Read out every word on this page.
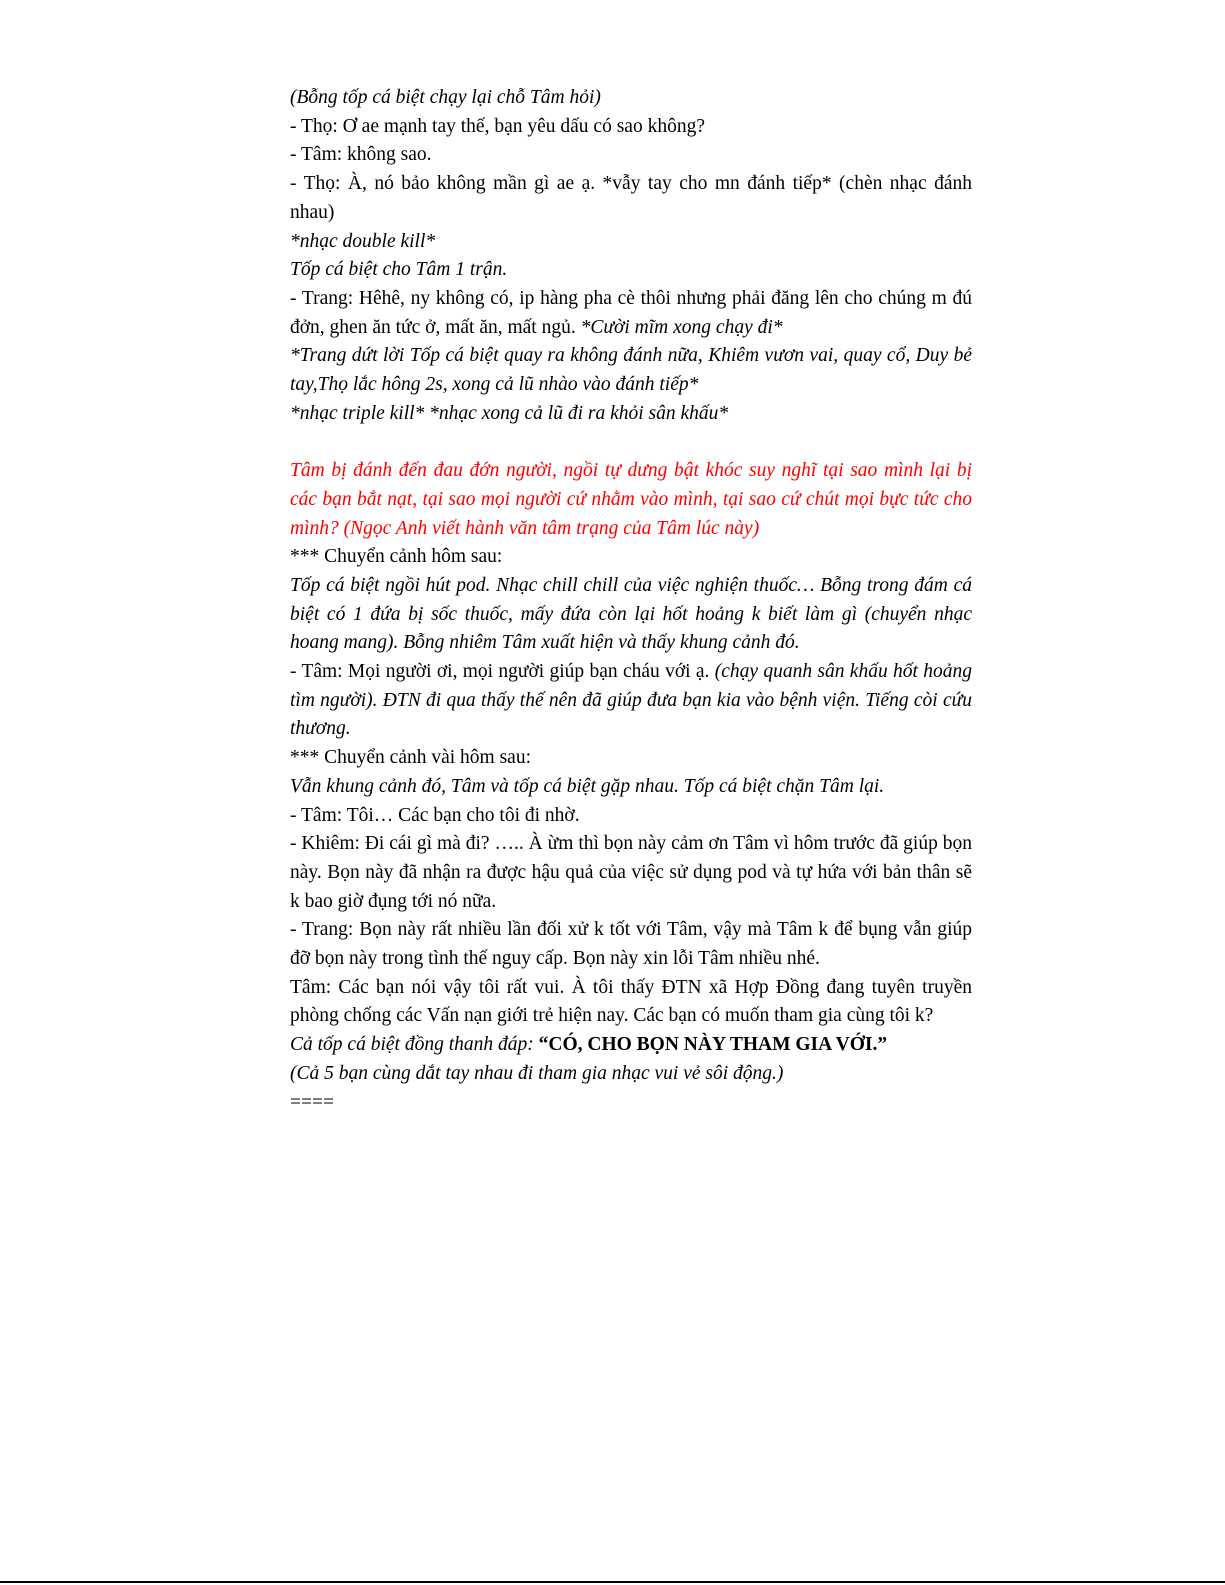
(Bỗng tốp cá biệt chạy lại chỗ Tâm hỏi)

- Thọ: Ơ ae mạnh tay thế, bạn yêu dấu có sao không?

- Tâm: không sao.

- Thọ: À, nó bảo không mần gì ae ạ. *vẫy tay cho mn đánh tiếp* (chèn nhạc đánh nhau)

*nhạc double kill*

Tốp cá biệt cho Tâm 1 trận.

- Trang: Hêhê, ny không có, ip hàng pha cè thôi nhưng phải đăng lên cho chúng m đú đởn, ghen ăn tức ở, mất ăn, mất ngủ. *Cười mĩm xong chạy đi*

*Trang dứt lời Tốp cá biệt quay ra không đánh nữa, Khiêm vươn vai, quay cổ, Duy bẻ tay,Thọ lắc hông 2s, xong cả lũ nhào vào đánh tiếp*

*nhạc triple kill* *nhạc xong cả lũ đi ra khỏi sân khấu*

Tâm bị đánh đến đau đớn người, ngồi tự dưng bật khóc suy nghĩ tại sao mình lại bị các bạn bắt nạt, tại sao mọi người cứ nhằm vào mình, tại sao cứ chút mọi bực tức cho mình? (Ngọc Anh viết hành văn tâm trạng của Tâm lúc này)

*** Chuyển cảnh hôm sau:

Tốp cá biệt ngồi hút pod. Nhạc chill chill của việc nghiện thuốc… Bỗng trong đám cá biệt có 1 đứa bị sốc thuốc, mấy đứa còn lại hốt hoảng k biết làm gì (chuyển nhạc hoang mang). Bỗng nhiêm Tâm xuất hiện và thấy khung cảnh đó.

- Tâm: Mọi người ơi, mọi người giúp bạn cháu với ạ. (chạy quanh sân khấu hốt hoảng tìm người). ĐTN đi qua thấy thế nên đã giúp đưa bạn kia vào bệnh viện. Tiếng còi cứu thương.

*** Chuyển cảnh vài hôm sau:

Vẫn khung cảnh đó, Tâm và tốp cá biệt gặp nhau. Tốp cá biệt chặn Tâm lại.

- Tâm: Tôi… Các bạn cho tôi đi nhờ.

- Khiêm: Đi cái gì mà đi? ….. À ừm thì bọn này cảm ơn Tâm vì hôm trước đã giúp bọn này. Bọn này đã nhận ra được hậu quả của việc sử dụng pod và tự hứa với bản thân sẽ k bao giờ đụng tới nó nữa.

- Trang: Bọn này rất nhiều lần đối xử k tốt với Tâm, vậy mà Tâm k để bụng vẫn giúp đỡ bọn này trong tình thế nguy cấp. Bọn này xin lỗi Tâm nhiều nhé.

Tâm: Các bạn nói vậy tôi rất vui. À tôi thấy ĐTN xã Hợp Đồng đang tuyên truyền phòng chống các Vấn nạn giới trẻ hiện nay. Các bạn có muốn tham gia cùng tôi k?

Cả tốp cá biệt đồng thanh đáp: “CÓ, CHO BỌN NÀY THAM GIA VỚI.”

(Cả 5 bạn cùng dắt tay nhau đi tham gia nhạc vui vẻ sôi động.)

====
